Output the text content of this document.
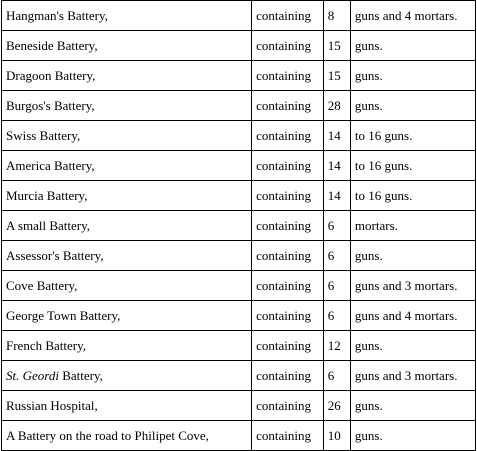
Hangman's Battery,	containing	8	guns and 4 mortars.
Beneside Battery,	containing	15	guns.
Dragoon Battery,	containing	15	guns.
Burgos's Battery,	containing	28	guns.
Swiss Battery,	containing	14	to 16 guns.
America Battery,	containing	14	to 16 guns.
Murcia Battery,	containing	14	to 16 guns.
A small Battery,	containing	6	mortars.
Assessor's Battery,	containing	6	guns.
Cove Battery,	containing	6	guns and 3 mortars.
George Town Battery,	containing	6	guns and 4 mortars.
French Battery,	containing	12	guns.
St. Geordi Battery,	containing	6	guns and 3 mortars.
Russian Hospital,	containing	26	guns.
A Battery on the road to Philipet Cove,	containing	10	guns.
